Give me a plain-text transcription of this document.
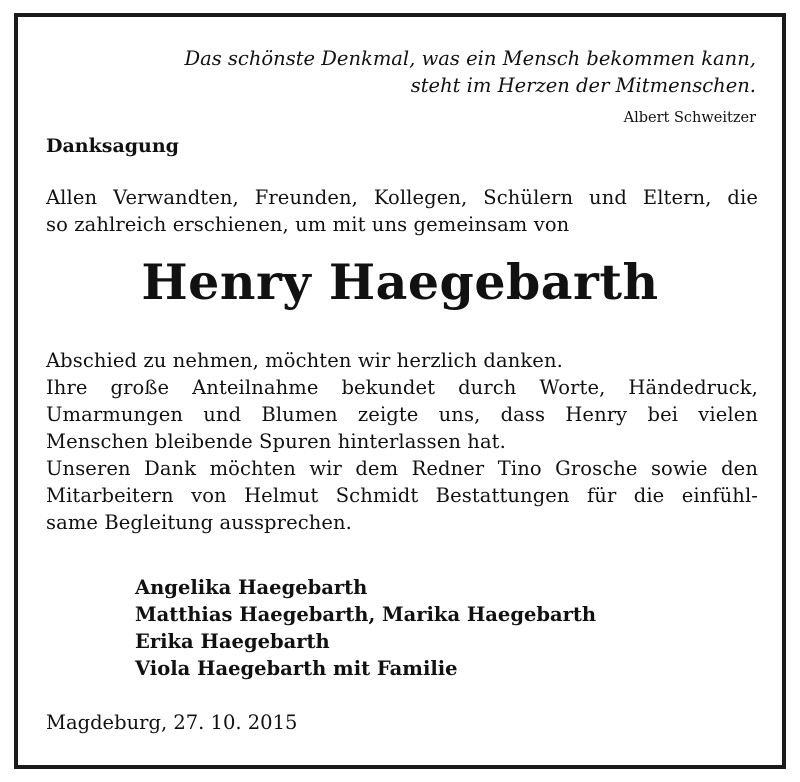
Das schönste Denkmal, was ein Mensch bekommen kann,
steht im Herzen der Mitmenschen.
Albert Schweitzer
Danksagung
Allen Verwandten, Freunden, Kollegen, Schülern und Eltern, die
so zahlreich erschienen, um mit uns gemeinsam von
Henry Haegebarth
Abschied zu nehmen, möchten wir herzlich danken.
Ihre große Anteilnahme bekundet durch Worte, Händedruck,
Umarmungen und Blumen zeigte uns, dass Henry bei vielen
Menschen bleibende Spuren hinterlassen hat.
Unseren Dank möchten wir dem Redner Tino Grosche sowie den
Mitarbeitern von Helmut Schmidt Bestattungen für die einfühl-
same Begleitung aussprechen.
Angelika Haegebarth
Matthias Haegebarth, Marika Haegebarth
Erika Haegebarth
Viola Haegebarth mit Familie
Magdeburg, 27. 10. 2015
